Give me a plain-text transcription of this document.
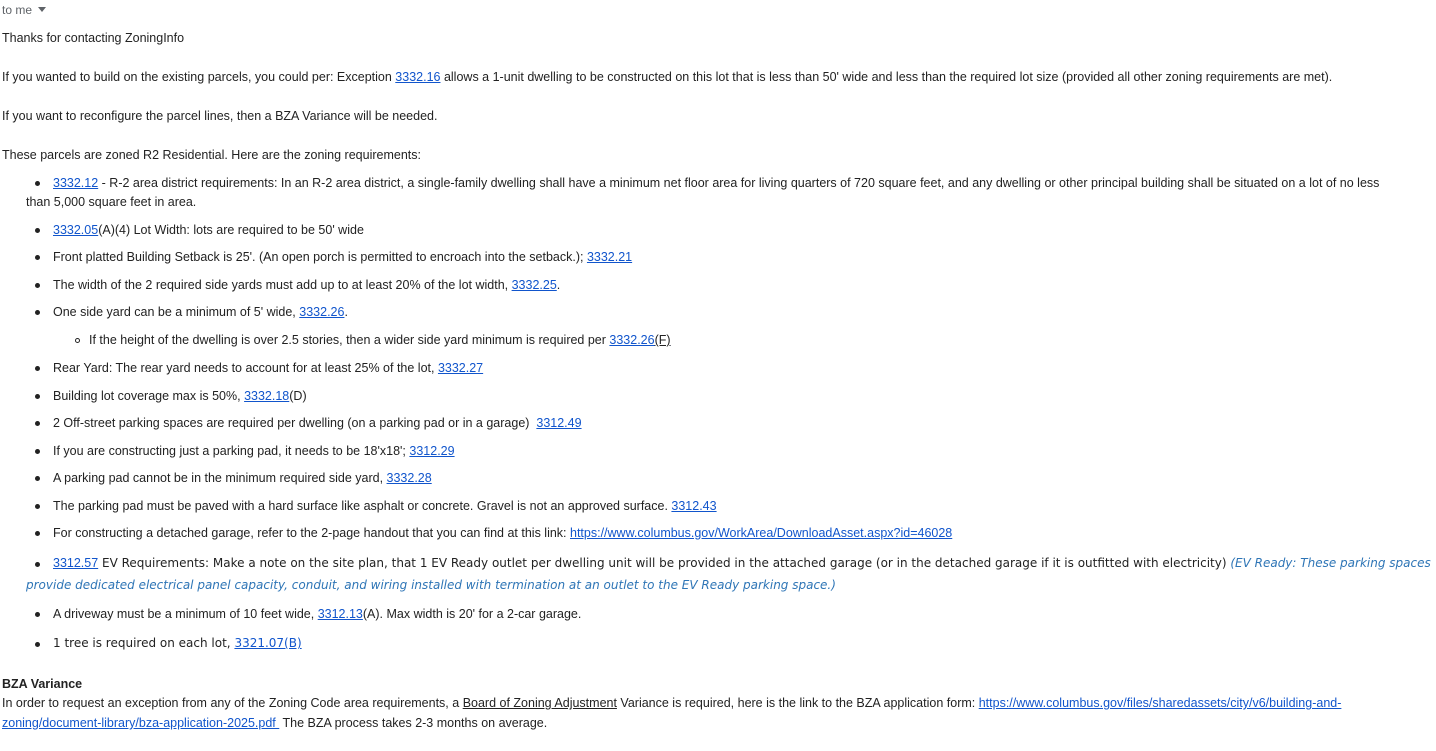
to me
Thanks for contacting ZoningInfo
If you wanted to build on the existing parcels, you could per: Exception 3332.16 allows a 1-unit dwelling to be constructed on this lot that is less than 50' wide and less than the required lot size (provided all other zoning requirements are met).
If you want to reconfigure the parcel lines, then a BZA Variance will be needed.
These parcels are zoned R2 Residential. Here are the zoning requirements:
3332.12 - R-2 area district requirements: In an R-2 area district, a single-family dwelling shall have a minimum net floor area for living quarters of 720 square feet, and any dwelling or other principal building shall be situated on a lot of no less
than 5,000 square feet in area.
3332.05(A)(4) Lot Width: lots are required to be 50' wide
Front platted Building Setback is 25'. (An open porch is permitted to encroach into the setback.); 3332.21
The width of the 2 required side yards must add up to at least 20% of the lot width, 3332.25.
One side yard can be a minimum of 5' wide, 3332.26.
If the height of the dwelling is over 2.5 stories, then a wider side yard minimum is required per 3332.26(F)
Rear Yard: The rear yard needs to account for at least 25% of the lot, 3332.27
Building lot coverage max is 50%, 3332.18(D)
2 Off-street parking spaces are required per dwelling (on a parking pad or in a garage)  3312.49
If you are constructing just a parking pad, it needs to be 18'x18'; 3312.29
A parking pad cannot be in the minimum required side yard, 3332.28
The parking pad must be paved with a hard surface like asphalt or concrete. Gravel is not an approved surface. 3312.43
For constructing a detached garage, refer to the 2-page handout that you can find at this link: https://www.columbus.gov/WorkArea/DownloadAsset.aspx?id=46028
3312.57 EV Requirements: Make a note on the site plan, that 1 EV Ready outlet per dwelling unit will be provided in the attached garage (or in the detached garage if it is outfitted with electricity) (EV Ready: These parking spaces
provide dedicated electrical panel capacity, conduit, and wiring installed with termination at an outlet to the EV Ready parking space.)
A driveway must be a minimum of 10 feet wide, 3312.13(A). Max width is 20' for a 2-car garage.
1 tree is required on each lot, 3321.07(B)
BZA Variance
In order to request an exception from any of the Zoning Code area requirements, a Board of Zoning Adjustment Variance is required, here is the link to the BZA application form: https://www.columbus.gov/files/sharedassets/city/v6/building-and-
zoning/document-library/bza-application-2025.pdf  The BZA process takes 2-3 months on average.
